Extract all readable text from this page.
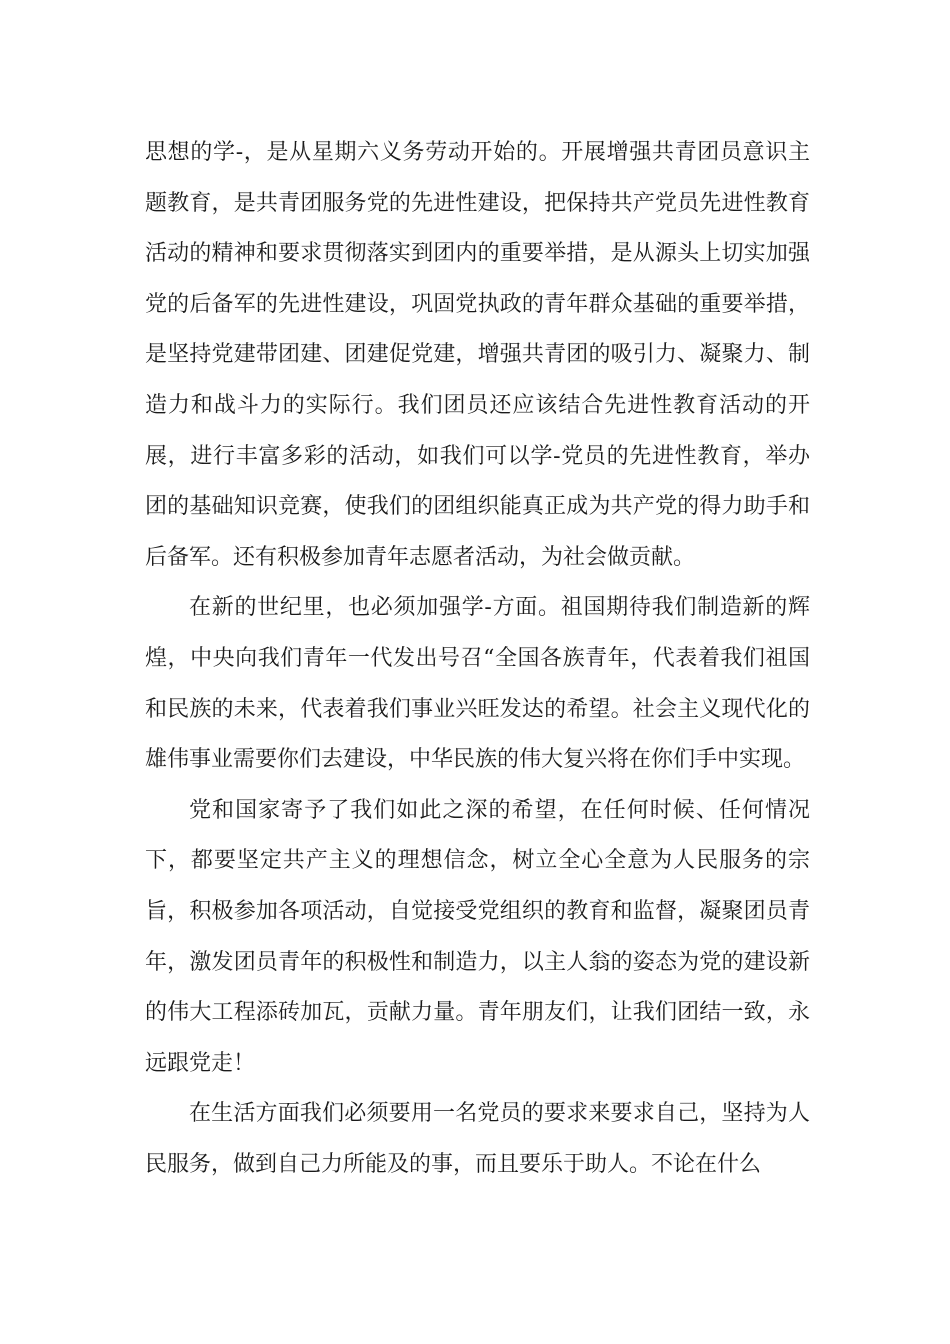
思想的学-，是从星期六义务劳动开始的。开展增强共青团员意识主题教育，是共青团服务党的先进性建设，把保持共产党员先进性教育活动的精神和要求贯彻落实到团内的重要举措，是从源头上切实加强党的后备军的先进性建设，巩固党执政的青年群众基础的重要举措，是坚持党建带团建、团建促党建，增强共青团的吸引力、凝聚力、制造力和战斗力的实际行。我们团员还应该结合先进性教育活动的开展，进行丰富多彩的活动，如我们可以学-党员的先进性教育，举办团的基础知识竞赛，使我们的团组织能真正成为共产党的得力助手和后备军。还有积极参加青年志愿者活动，为社会做贡献。

在新的世纪里，也必须加强学-方面。祖国期待我们制造新的辉煌，中央向我们青年一代发出号召“全国各族青年，代表着我们祖国和民族的未来，代表着我们事业兴旺发达的希望。社会主义现代化的雄伟事业需要你们去建设，中华民族的伟大复兴将在你们手中实现。

党和国家寄予了我们如此之深的希望，在任何时候、任何情况下，都要坚定共产主义的理想信念，树立全心全意为人民服务的宗旨，积极参加各项活动，自觉接受党组织的教育和监督，凝聚团员青年，激发团员青年的积极性和制造力，以主人翁的姿态为党的建设新的伟大工程添砖加瓦，贡献力量。青年朋友们，让我们团结一致，永远跟党走！

在生活方面我们必须要用一名党员的要求来要求自己，坚持为人民服务，做到自己力所能及的事，而且要乐于助人。不论在什么
